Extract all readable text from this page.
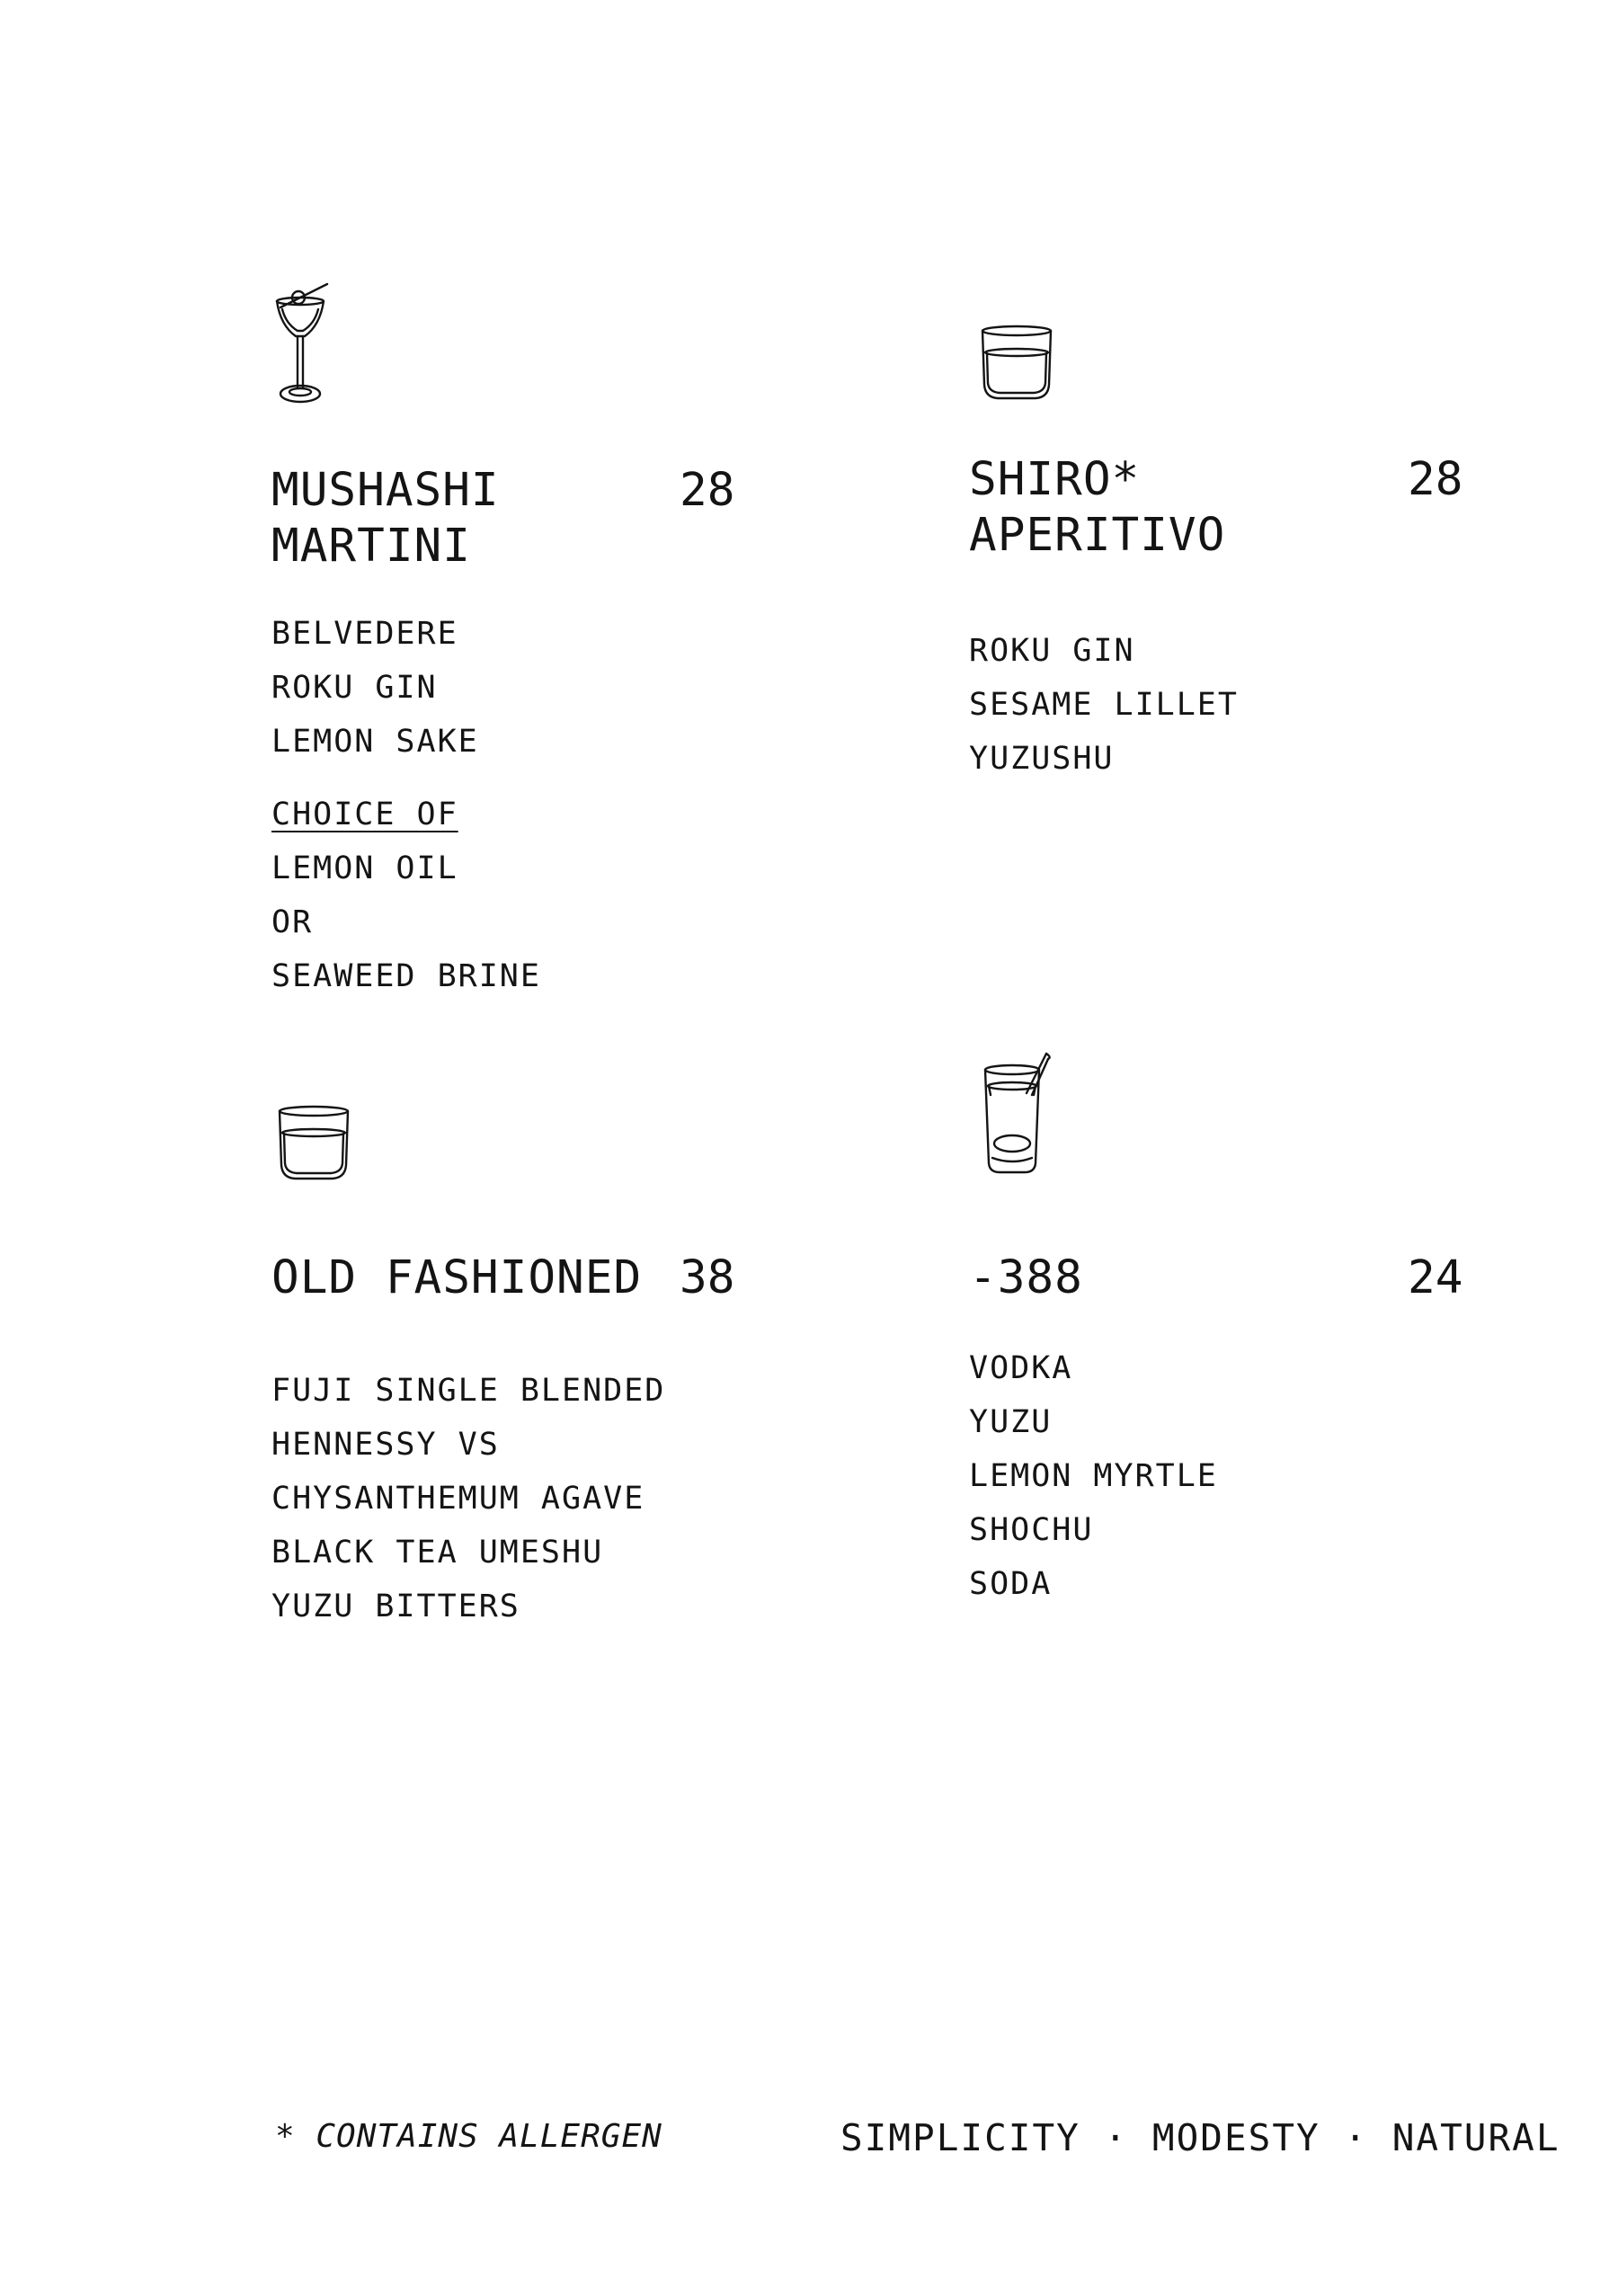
MUSHASHI
MARTINI
28
BELVEDERE
ROKU GIN
LEMON SAKE
CHOICE OF
LEMON OIL
OR
SEAWEED BRINE
SHIRO*
APERITIVO
28
ROKU GIN
SESAME LILLET
YUZUSHU
OLD FASHIONED 38
FUJI SINGLE BLENDED
HENNESSY VS
CHYSANTHEMUM AGAVE
BLACK TEA UMESHU
YUZU BITTERS
-388	24
VODKA
YUZU
LEMON MYRTLE
SHOCHU
SODA
* CONTAINS ALLERGEN	SIMPLICITY · MODESTY · NATURAL
